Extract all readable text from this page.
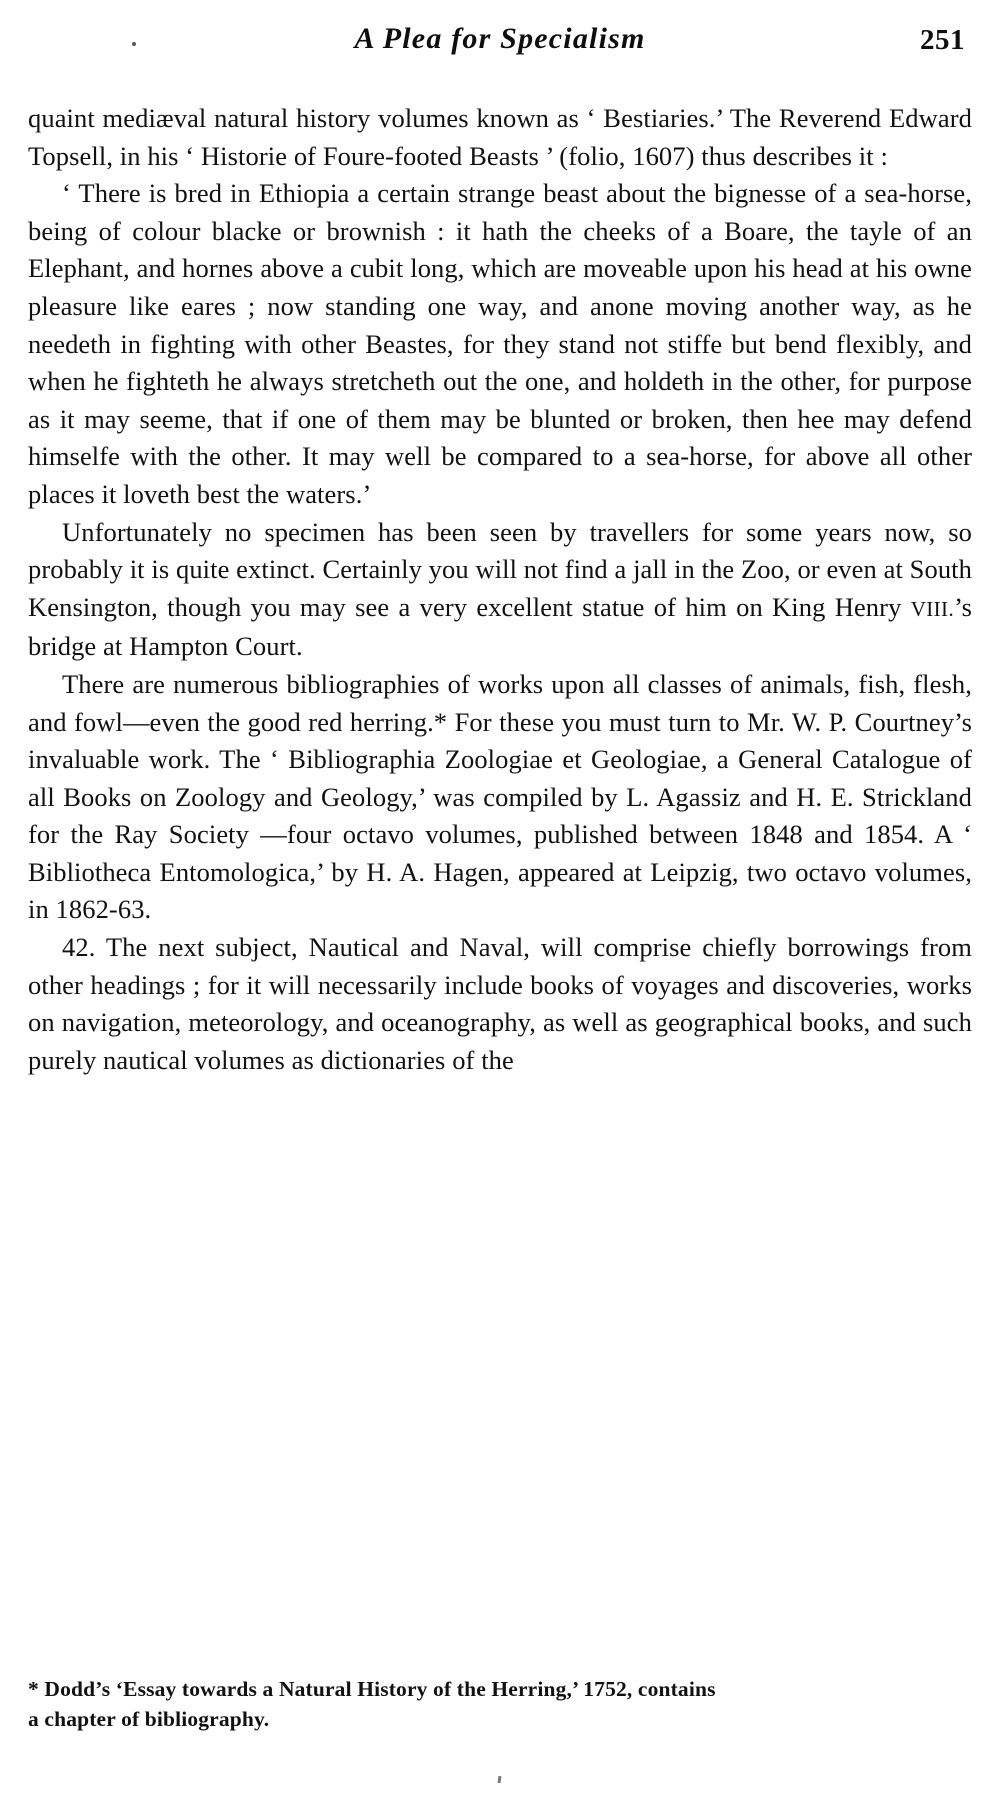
A Plea for Specialism	251

quaint mediæval natural history volumes known as ‘ Bestiaries.’ The Reverend Edward Topsell, in his ‘ Historie of Foure-footed Beasts ’ (folio, 1607) thus describes it :

‘ There is bred in Ethiopia a certain strange beast about the bignesse of a sea-horse, being of colour blacke or brownish : it hath the cheeks of a Boare, the tayle of an Elephant, and hornes above a cubit long, which are moveable upon his head at his owne pleasure like eares ; now standing one way, and anone moving another way, as he needeth in fighting with other Beastes, for they stand not stiffe but bend flexibly, and when he fighteth he always stretcheth out the one, and holdeth in the other, for purpose as it may seeme, that if one of them may be blunted or broken, then hee may defend himselfe with the other. It may well be compared to a sea-horse, for above all other places it loveth best the waters.’

Unfortunately no specimen has been seen by travellers for some years now, so probably it is quite extinct. Certainly you will not find a jall in the Zoo, or even at South Kensington, though you may see a very excellent statue of him on King Henry VIII.’s bridge at Hampton Court.

There are numerous bibliographies of works upon all classes of animals, fish, flesh, and fowl—even the good red herring.* For these you must turn to Mr. W. P. Courtney’s invaluable work. The ‘ Bibliographia Zoologiae et Geologiae, a General Catalogue of all Books on Zoology and Geology,’ was compiled by L. Agassiz and H. E. Strickland for the Ray Society —four octavo volumes, published between 1848 and 1854. A ‘ Bibliotheca Entomologica,’ by H. A. Hagen, appeared at Leipzig, two octavo volumes, in 1862-63.

42. The next subject, Nautical and Naval, will comprise chiefly borrowings from other headings ; for it will necessarily include books of voyages and discoveries, works on navigation, meteorology, and oceanography, as well as geographical books, and such purely nautical volumes as dictionaries of the

* Dodd’s ‘Essay towards a Natural History of the Herring,’ 1752, contains

a chapter of bibliography.
